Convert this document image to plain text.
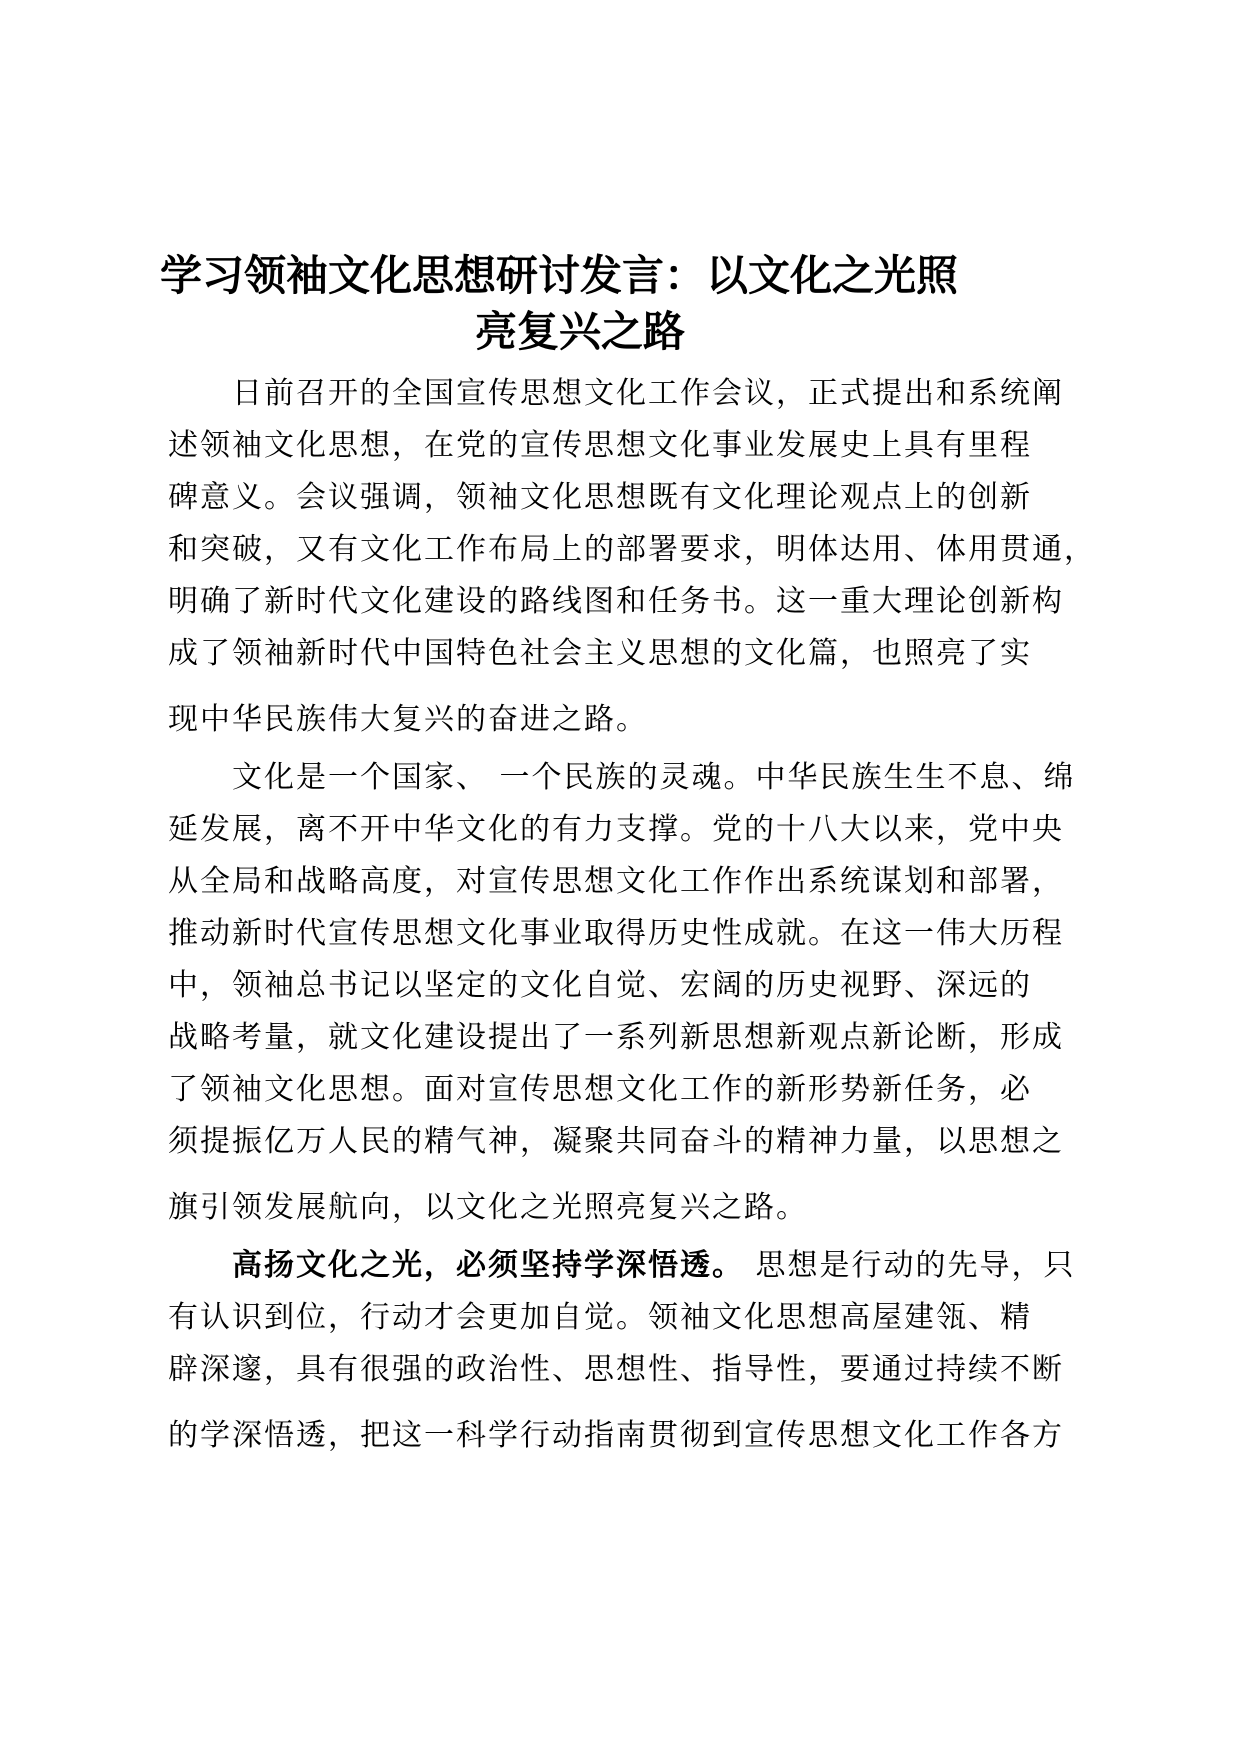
学习领袖文化思想研讨发言：以文化之光照
亮复兴之路
日前召开的全国宣传思想文化工作会议，正式提出和系统阐
述领袖文化思想，在党的宣传思想文化事业发展史上具有里程
碑意义。会议强调，领袖文化思想既有文化理论观点上的创新
和突破，又有文化工作布局上的部署要求，明体达用、体用贯通，
明确了新时代文化建设的路线图和任务书。这一重大理论创新构
成了领袖新时代中国特色社会主义思想的文化篇，也照亮了实
现中华民族伟大复兴的奋进之路。
文化是一个国家、 一个民族的灵魂。中华民族生生不息、绵
延发展，离不开中华文化的有力支撑。党的十八大以来，党中央
从全局和战略高度，对宣传思想文化工作作出系统谋划和部署，
推动新时代宣传思想文化事业取得历史性成就。在这一伟大历程
中，领袖总书记以坚定的文化自觉、宏阔的历史视野、深远的
战略考量，就文化建设提出了一系列新思想新观点新论断，形成
了领袖文化思想。面对宣传思想文化工作的新形势新任务，必
须提振亿万人民的精气神，凝聚共同奋斗的精神力量，以思想之
旗引领发展航向，以文化之光照亮复兴之路。
高扬文化之光，必须坚持学深悟透。 思想是行动的先导，只
有认识到位，行动才会更加自觉。领袖文化思想高屋建瓴、精
辟深邃，具有很强的政治性、思想性、指导性，要通过持续不断
的学深悟透，把这一科学行动指南贯彻到宣传思想文化工作各方
